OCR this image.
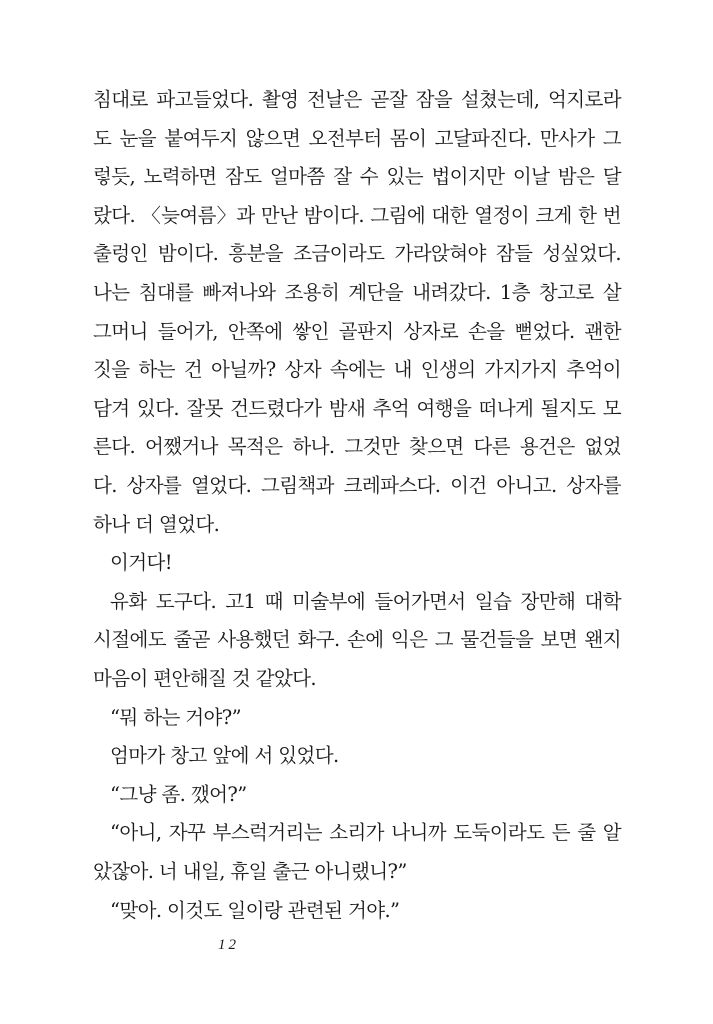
침대로 파고들었다. 촬영 전날은 곧잘 잠을 설쳤는데, 억지로라
도 눈을 붙여두지 않으면 오전부터 몸이 고달파진다. 만사가 그
렇듯, 노력하면 잠도 얼마쯤 잘 수 있는 법이지만 이날 밤은 달
랐다. 〈늦여름〉과 만난 밤이다. 그림에 대한 열정이 크게 한 번
출렁인 밤이다. 흥분을 조금이라도 가라앉혀야 잠들 성싶었다.
나는 침대를 빠져나와 조용히 계단을 내려갔다. 1층 창고로 살
그머니 들어가, 안쪽에 쌓인 골판지 상자로 손을 뻗었다. 괜한
짓을 하는 건 아닐까? 상자 속에는 내 인생의 가지가지 추억이
담겨 있다. 잘못 건드렸다가 밤새 추억 여행을 떠나게 될지도 모
른다. 어쨌거나 목적은 하나. 그것만 찾으면 다른 용건은 없었
다. 상자를 열었다. 그림책과 크레파스다. 이건 아니고. 상자를
하나 더 열었다.
이거다!
유화 도구다. 고1 때 미술부에 들어가면서 일습 장만해 대학
시절에도 줄곧 사용했던 화구. 손에 익은 그 물건들을 보면 왠지
마음이 편안해질 것 같았다.
“뭐 하는 거야?”
엄마가 창고 앞에 서 있었다.
“그냥 좀. 깼어?”
“아니, 자꾸 부스럭거리는 소리가 나니까 도둑이라도 든 줄 알
았잖아. 너 내일, 휴일 출근 아니랬니?”
“맞아. 이것도 일이랑 관련된 거야.”
12
